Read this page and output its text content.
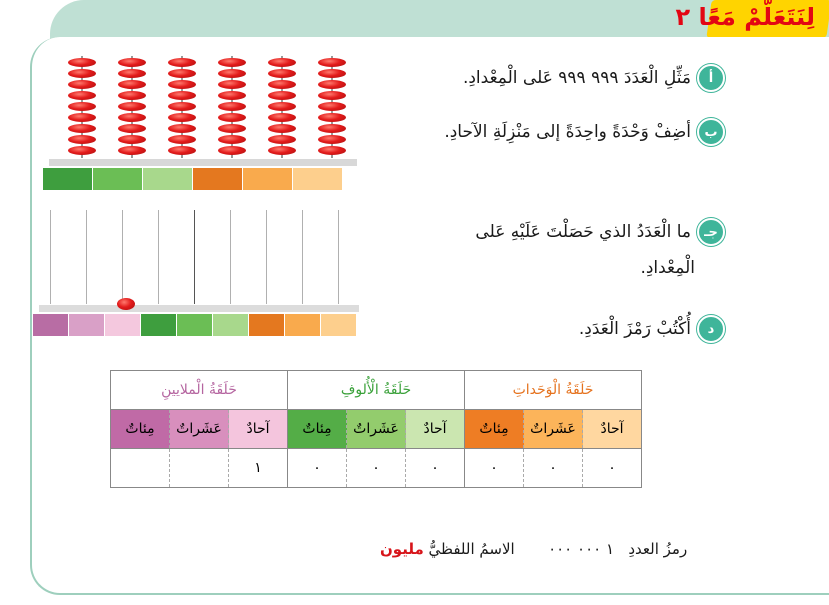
لِنَتَعَلَّمْ مَعًا ٢
أ
مَثِّلِ الْعَدَدَ ٩٩٩ ٩٩٩ عَلى الْمِعْدادِ.
ب
أضِفْ وَحْدَةً واحِدَةً إلى مَنْزِلَةِ الآحادِ.
جـ
ما الْعَدَدُ الذي حَصَلْتَ عَلَيْهِ عَلى
الْمِعْدادِ.
د
أُكْتُبْ رَمْزَ الْعَدَدِ.
حَلَقَةُ الْوَحَداتِ			حَلَقَةُ الْأُلوفِ			حَلَقَةُ الْملايينِ		
آحادٌ	عَشَراتٌ	مِئاتٌ	آحادٌ	عَشَراتٌ	مِئاتٌ	آحادٌ	عَشَراتٌ	مِئاتٌ
٠	٠	٠	٠	٠	٠	١		
رمزُ العددِ   ١ ٠٠٠ ٠٠٠       الاسمُ اللفظيُّ مليون
